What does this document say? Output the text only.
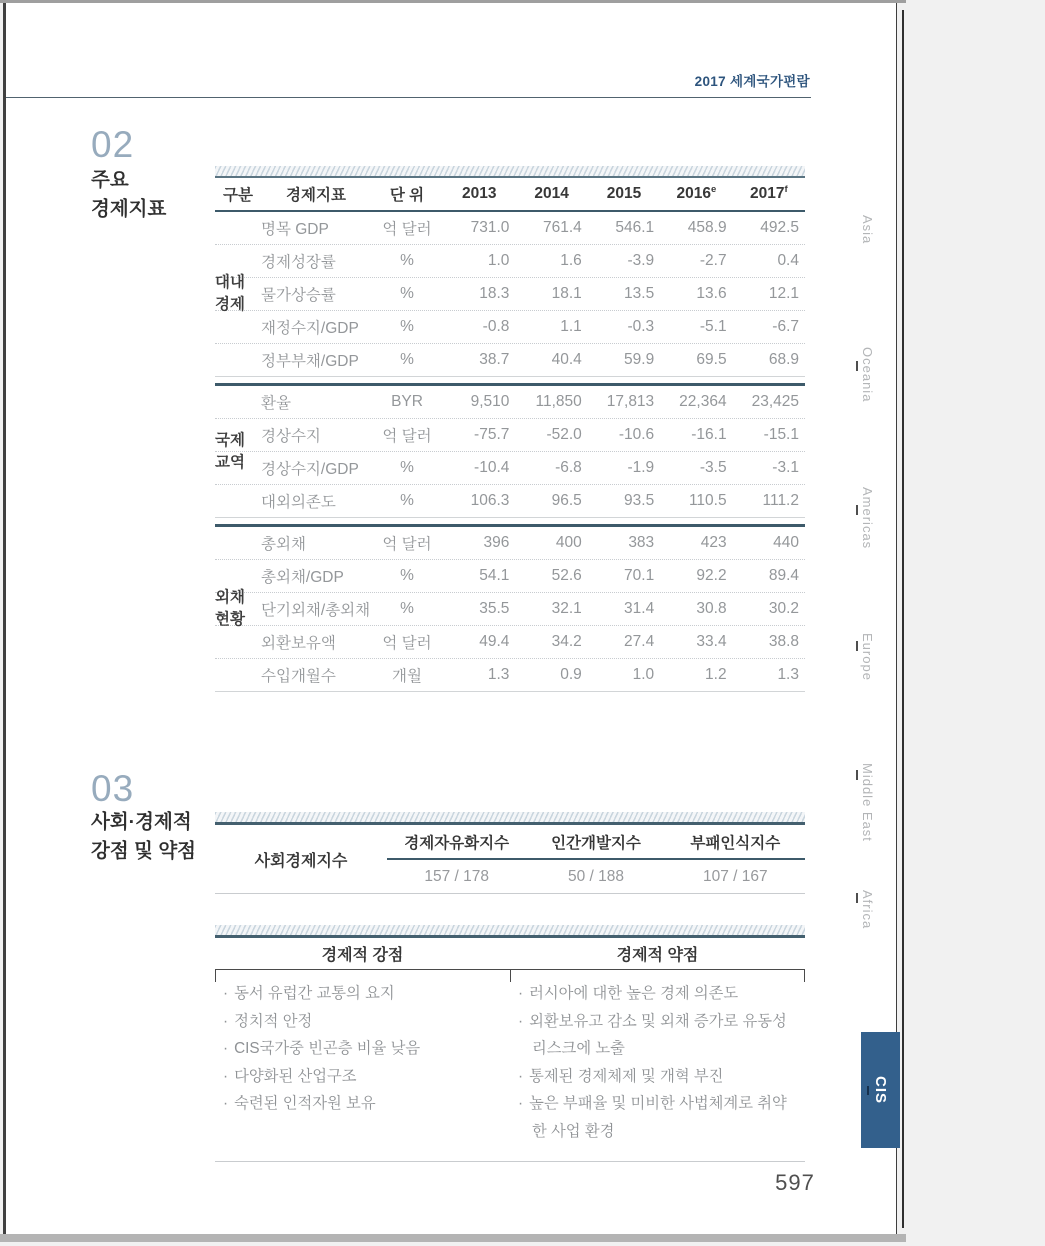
2017 세계국가편람
02
주요
경제지표
구분	경제지표	단 위	2013	2014	2015	2016e	2017$^f$
대내
경제
명목 GDP	억 달러	731.0	761.4	546.1	458.9	492.5
경제성장률	%	1.0	1.6	-3.9	-2.7	0.4
물가상승률	%	18.3	18.1	13.5	13.6	12.1
재정수지/GDP	%	-0.8	1.1	-0.3	-5.1	-6.7
정부부채/GDP	%	38.7	40.4	59.9	69.5	68.9
국제
교역
환율	BYR	9,510	11,850	17,813	22,364	23,425
경상수지	억 달러	-75.7	-52.0	-10.6	-16.1	-15.1
경상수지/GDP	%	-10.4	-6.8	-1.9	-3.5	-3.1
대외의존도	%	106.3	96.5	93.5	110.5	111.2
외채
현황
총외채	억 달러	396	400	383	423	440
총외채/GDP	%	54.1	52.6	70.1	92.2	89.4
단기외채/총외채	%	35.5	32.1	31.4	30.8	30.2
외환보유액	억 달러	49.4	34.2	27.4	33.4	38.8
수입개월수	개월	1.3	0.9	1.0	1.2	1.3
03
사회·경제적
강점 및 약점	사회경제지수
경제자유화지수	인간개발지수	부패인식지수
157 / 178	50 / 188	107 / 167
경제적 강점	경제적 약점
· 동서 유럽간 교통의 요지
· 정치적 안정
· CIS국가중 빈곤층 비율 낮음
· 다양화된 산업구조
· 숙련된 인적자원 보유
· 러시아에 대한 높은 경제 의존도
· 외환보유고 감소 및 외채 증가로 유동성 리스크에 노출
· 통제된 경제체제 및 개혁 부진
· 높은 부패율 및 미비한 사법체계로 취약한 사업 환경
597
Asia
Oceania
Americas
Europe
Middle East
Africa
CIS
